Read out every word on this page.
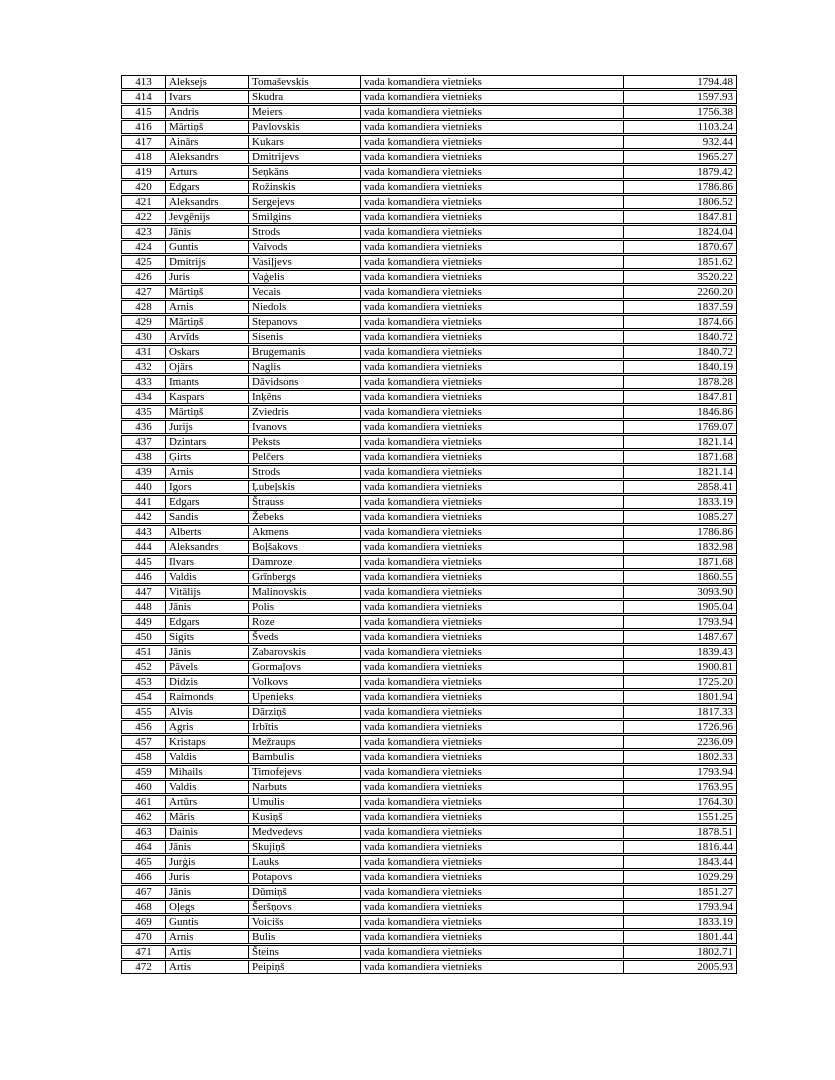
413	Aleksejs	Tomaševskis	vada komandiera vietnieks	1794.48
414	Ivars	Skudra	vada komandiera vietnieks	1597.93
415	Andris	Meiers	vada komandiera vietnieks	1756.38
416	Mārtiņš	Pavlovskis	vada komandiera vietnieks	1103.24
417	Ainārs	Kukars	vada komandiera vietnieks	932.44
418	Aleksandrs	Dmitrijevs	vada komandiera vietnieks	1965.27
419	Arturs	Seņkāns	vada komandiera vietnieks	1879.42
420	Edgars	Rožinskis	vada komandiera vietnieks	1786.86
421	Aleksandrs	Sergejevs	vada komandiera vietnieks	1806.52
422	Jevgēnijs	Smilgins	vada komandiera vietnieks	1847.81
423	Jānis	Strods	vada komandiera vietnieks	1824.04
424	Guntis	Vaivods	vada komandiera vietnieks	1870.67
425	Dmitrijs	Vasiļjevs	vada komandiera vietnieks	1851.62
426	Juris	Vaģelis	vada komandiera vietnieks	3520.22
427	Mārtiņš	Vecais	vada komandiera vietnieks	2260.20
428	Arnis	Niedols	vada komandiera vietnieks	1837.59
429	Mārtiņš	Stepanovs	vada komandiera vietnieks	1874.66
430	Arvīds	Sisenis	vada komandiera vietnieks	1840.72
431	Oskars	Brugemanis	vada komandiera vietnieks	1840.72
432	Ojārs	Naglis	vada komandiera vietnieks	1840.19
433	Imants	Dāvidsons	vada komandiera vietnieks	1878.28
434	Kaspars	Inķēns	vada komandiera vietnieks	1847.81
435	Mārtiņš	Zviedris	vada komandiera vietnieks	1846.86
436	Jurijs	Ivanovs	vada komandiera vietnieks	1769.07
437	Dzintars	Peksts	vada komandiera vietnieks	1821.14
438	Ģirts	Pelčers	vada komandiera vietnieks	1871.68
439	Arnis	Strods	vada komandiera vietnieks	1821.14
440	Igors	Ļubeļskis	vada komandiera vietnieks	2858.41
441	Edgars	Štrauss	vada komandiera vietnieks	1833.19
442	Sandis	Žebeks	vada komandiera vietnieks	1085.27
443	Alberts	Akmens	vada komandiera vietnieks	1786.86
444	Aleksandrs	Boļšakovs	vada komandiera vietnieks	1832.98
445	Ilvars	Damroze	vada komandiera vietnieks	1871.68
446	Valdis	Grīnbergs	vada komandiera vietnieks	1860.55
447	Vitālijs	Malinovskis	vada komandiera vietnieks	3093.90
448	Jānis	Polis	vada komandiera vietnieks	1905.04
449	Edgars	Roze	vada komandiera vietnieks	1793.94
450	Sigits	Šveds	vada komandiera vietnieks	1487.67
451	Jānis	Zabarovskis	vada komandiera vietnieks	1839.43
452	Pāvels	Gormaļovs	vada komandiera vietnieks	1900.81
453	Didzis	Volkovs	vada komandiera vietnieks	1725.20
454	Raimonds	Upenieks	vada komandiera vietnieks	1801.94
455	Alvis	Dārziņš	vada komandiera vietnieks	1817.33
456	Agris	Irbītis	vada komandiera vietnieks	1726.96
457	Kristaps	Mežraups	vada komandiera vietnieks	2236.09
458	Valdis	Bambulis	vada komandiera vietnieks	1802.33
459	Mihails	Timofejevs	vada komandiera vietnieks	1793.94
460	Valdis	Narbuts	vada komandiera vietnieks	1763.95
461	Artūrs	Umulis	vada komandiera vietnieks	1764.30
462	Māris	Kusiņš	vada komandiera vietnieks	1551.25
463	Dainis	Medvedevs	vada komandiera vietnieks	1878.51
464	Jānis	Skujiņš	vada komandiera vietnieks	1816.44
465	Jurģis	Lauks	vada komandiera vietnieks	1843.44
466	Juris	Potapovs	vada komandiera vietnieks	1029.29
467	Jānis	Dūmiņš	vada komandiera vietnieks	1851.27
468	Oļegs	Šeršņovs	vada komandiera vietnieks	1793.94
469	Guntis	Voicišs	vada komandiera vietnieks	1833.19
470	Arnis	Bulis	vada komandiera vietnieks	1801.44
471	Artis	Šteins	vada komandiera vietnieks	1802.71
472	Artis	Peipiņš	vada komandiera vietnieks	2005.93
